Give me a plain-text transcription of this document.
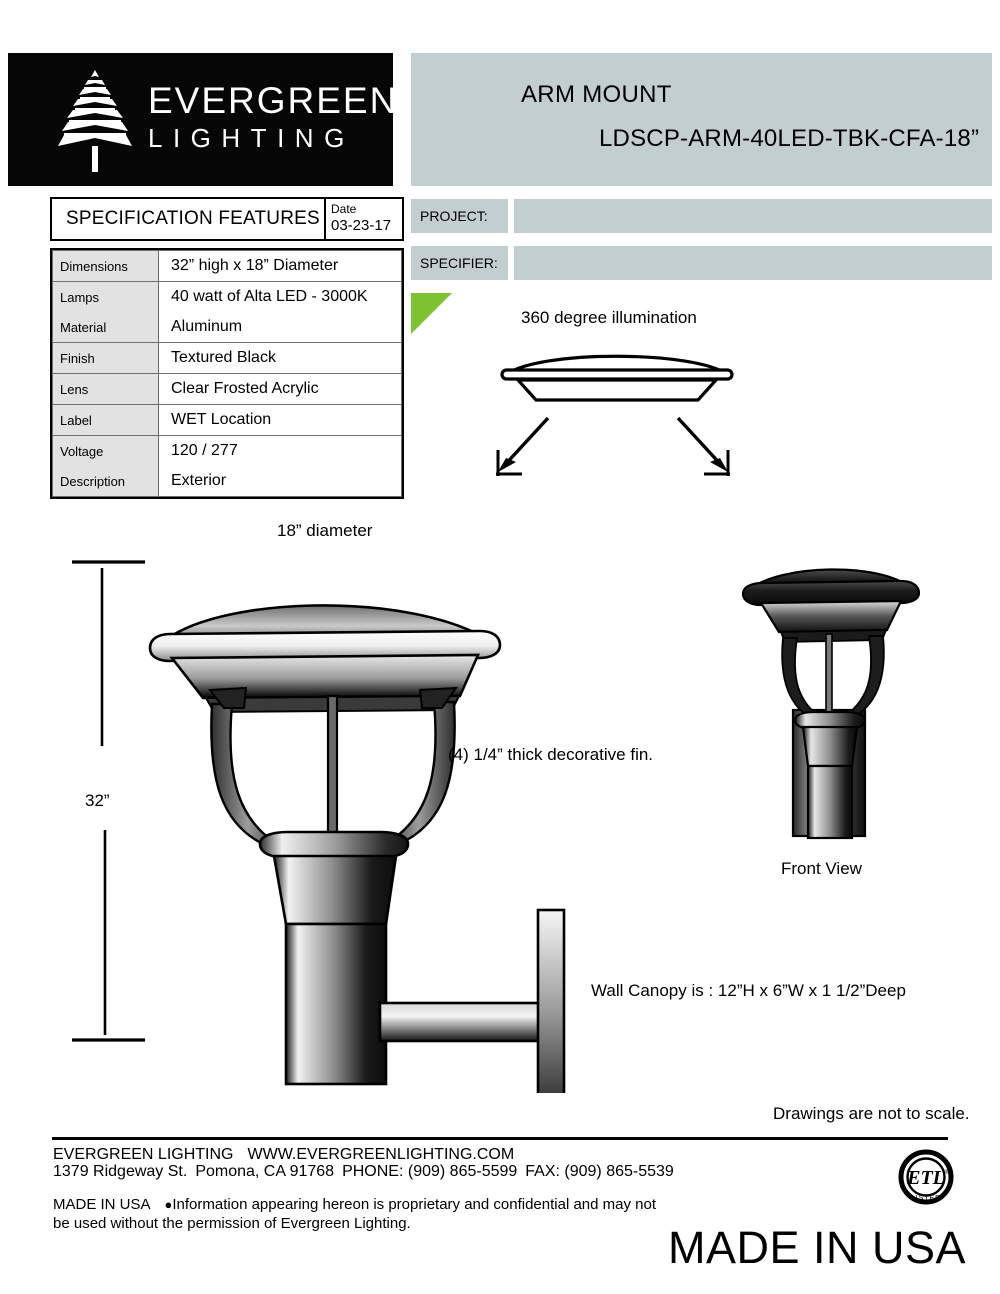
EVERGREEN
LIGHTING
ARM MOUNT
LDSCP-ARM-40LED-TBK-CFA-18”
SPECIFICATION FEATURES Date
03-23-17
Dimensions	32” high x 18” Diameter
Lamps	40 watt of Alta LED - 3000K
Material	Aluminum
Finish	Textured Black
Lens	Clear Frosted Acrylic
Label	WET Location
Voltage	120 / 277
Description	Exterior
PROJECT:
SPECIFIER:
360 degree illumination
18” diameter
32”
(4) 1/4” thick decorative fin.
Wall Canopy is : 12”H x 6”W x 1 1/2”Deep
Front View
Drawings are not to scale.
EVERGREEN LIGHTING WWW.EVERGREENLIGHTING.COM
1379 Ridgeway St. Pomona, CA 91768 PHONE: (909) 865-5599 FAX: (909) 865-5539
MADE IN USA ●Information appearing hereon is proprietary and confidential and may not
be used without the permission of Evergreen Lighting.	MADE IN USA
ETL
LISTED
®
